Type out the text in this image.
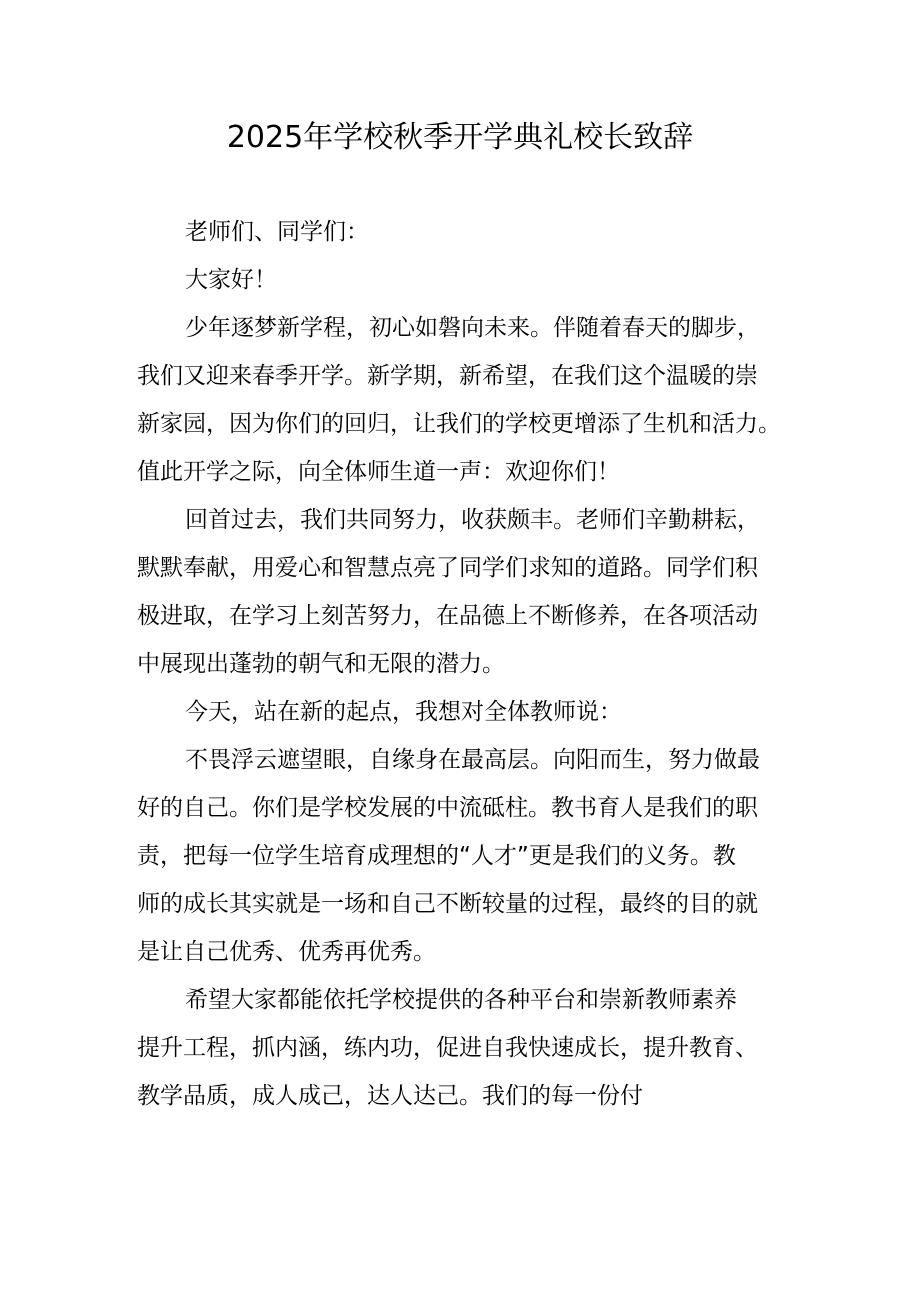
2025年学校秋季开学典礼校长致辞
老师们、同学们：
大家好！
少年逐梦新学程，初心如磐向未来。伴随着春天的脚步，
我们又迎来春季开学。新学期，新希望，在我们这个温暖的崇
新家园，因为你们的回归，让我们的学校更增添了生机和活力。
值此开学之际，向全体师生道一声：欢迎你们！
回首过去，我们共同努力，收获颇丰。老师们辛勤耕耘，
默默奉献，用爱心和智慧点亮了同学们求知的道路。同学们积
极进取，在学习上刻苦努力，在品德上不断修养，在各项活动
中展现出蓬勃的朝气和无限的潜力。
今天，站在新的起点，我想对全体教师说：
不畏浮云遮望眼，自缘身在最高层。向阳而生，努力做最
好的自己。你们是学校发展的中流砥柱。教书育人是我们的职
责，把每一位学生培育成理想的“人才”更是我们的义务。教
师的成长其实就是一场和自己不断较量的过程，最终的目的就
是让自己优秀、优秀再优秀。
希望大家都能依托学校提供的各种平台和崇新教师素养
提升工程，抓内涵，练内功，促进自我快速成长，提升教育、
教学品质，成人成己，达人达己。我们的每一份付
